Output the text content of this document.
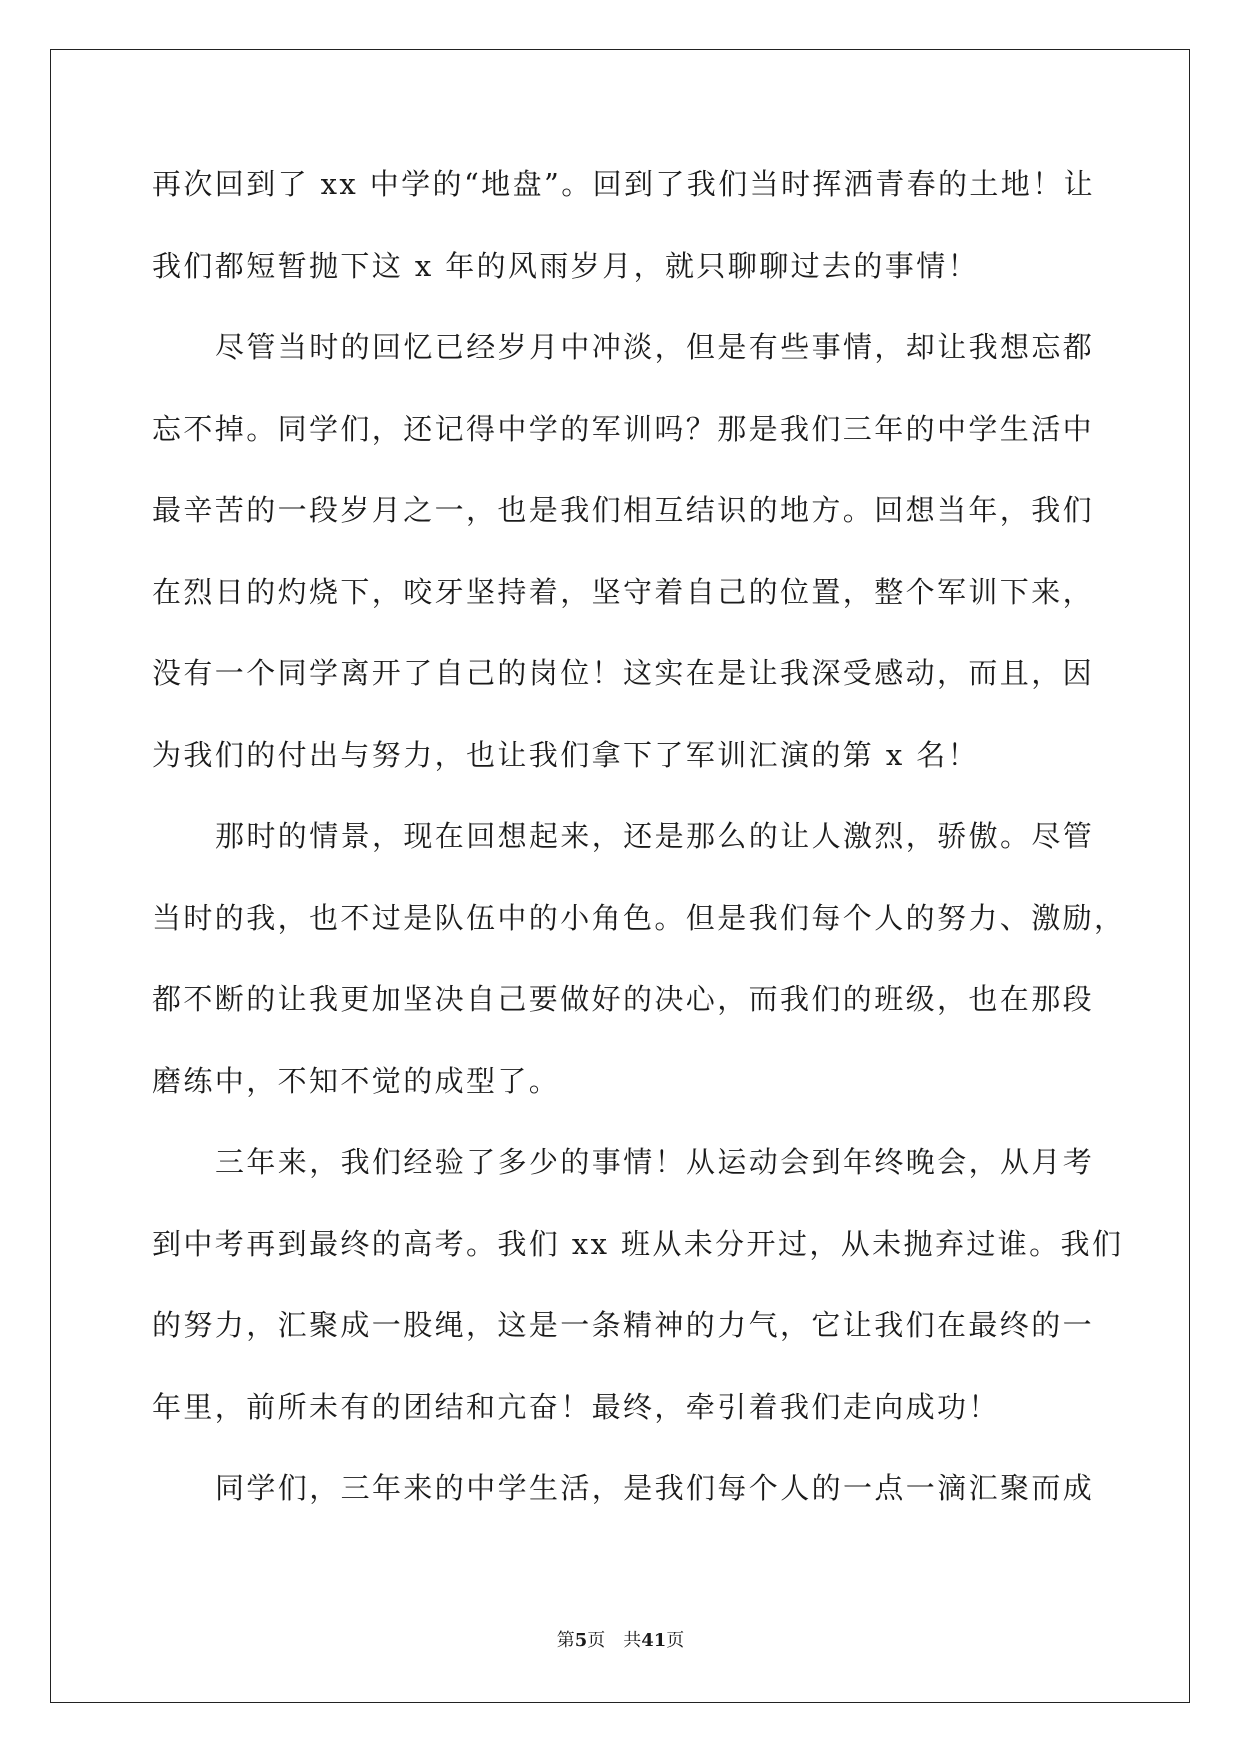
再次回到了 xx 中学的“地盘”。回到了我们当时挥洒青春的土地！让
我们都短暂抛下这 x 年的风雨岁月，就只聊聊过去的事情！
尽管当时的回忆已经岁月中冲淡，但是有些事情，却让我想忘都
忘不掉。同学们，还记得中学的军训吗？那是我们三年的中学生活中
最辛苦的一段岁月之一，也是我们相互结识的地方。回想当年，我们
在烈日的灼烧下，咬牙坚持着，坚守着自己的位置，整个军训下来，
没有一个同学离开了自己的岗位！这实在是让我深受感动，而且，因
为我们的付出与努力，也让我们拿下了军训汇演的第 x 名！
那时的情景，现在回想起来，还是那么的让人激烈，骄傲。尽管
当时的我，也不过是队伍中的小角色。但是我们每个人的努力、激励，
都不断的让我更加坚决自己要做好的决心，而我们的班级，也在那段
磨练中，不知不觉的成型了。
三年来，我们经验了多少的事情！从运动会到年终晚会，从月考
到中考再到最终的高考。我们 xx 班从未分开过，从未抛弃过谁。我们
的努力，汇聚成一股绳，这是一条精神的力气，它让我们在最终的一
年里，前所未有的团结和亢奋！最终，牵引着我们走向成功！
同学们，三年来的中学生活，是我们每个人的一点一滴汇聚而成
第5页 共41页
